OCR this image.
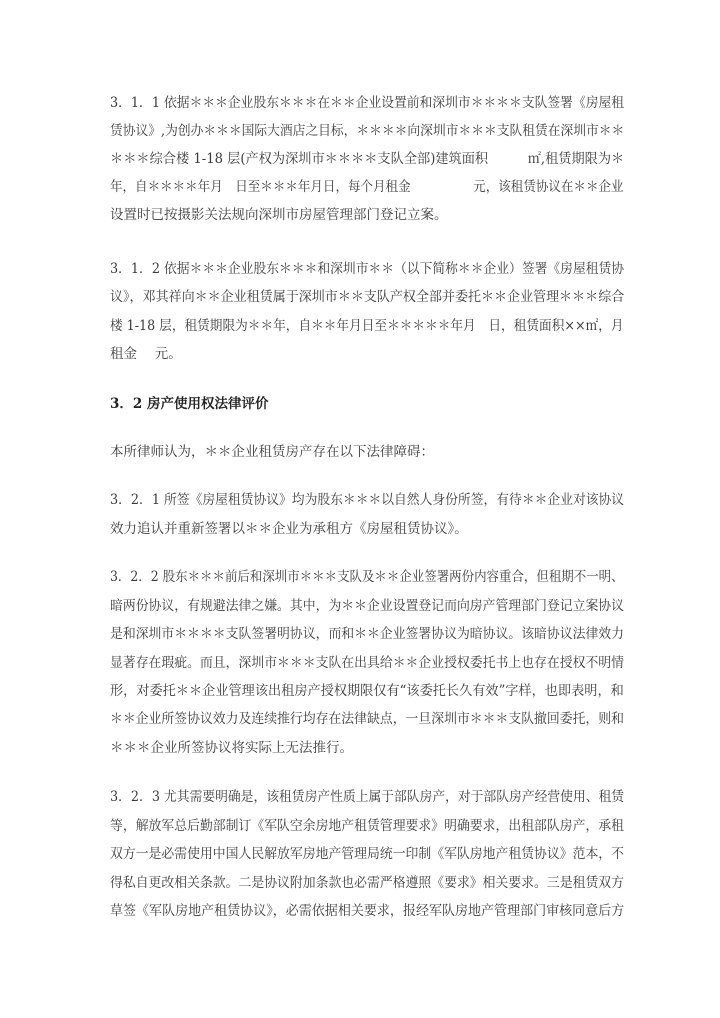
3．1．1 依据＊＊＊企业股东＊＊＊在＊＊企业设置前和深圳市＊＊＊＊支队签署《房屋租
赁协议》,为创办＊＊＊国际大酒店之目标，＊＊＊＊向深圳市＊＊＊支队租赁在深圳市＊＊
＊＊＊综合楼 1-18 层(产权为深圳市＊＊＊＊支队全部)建筑面积　　　㎡,租赁期限为＊
年，自＊＊＊＊年月　日至＊＊＊年月日，每个月租金　　　　　元，该租赁协议在＊＊企业
设置时已按摄影关法规向深圳市房屋管理部门登记立案。
3．1．2 依据＊＊＊企业股东＊＊＊和深圳市＊＊（以下简称＊＊企业）签署《房屋租赁协
议》，邓其祥向＊＊企业租赁属于深圳市＊＊支队产权全部并委托＊＊企业管理＊＊＊综合
楼 1-18 层，租赁期限为＊＊年，自＊＊年月日至＊＊＊＊＊年月　日，租赁面积××㎡，月
租金　 元。
3．2 房产使用权法律评价
本所律师认为，＊＊企业租赁房产存在以下法律障碍：
3．2．1 所签《房屋租赁协议》均为股东＊＊＊以自然人身份所签，有待＊＊企业对该协议
效力追认并重新签署以＊＊企业为承租方《房屋租赁协议》。
3．2．2 股东＊＊＊前后和深圳市＊＊＊支队及＊＊企业签署两份内容重合，但租期不一明、
暗两份协议，有规避法律之嫌。其中，为＊＊企业设置登记而向房产管理部门登记立案协议
是和深圳市＊＊＊＊支队签署明协议，而和＊＊企业签署协议为暗协议。该暗协议法律效力
显著存在瑕疵。而且，深圳市＊＊＊支队在出具给＊＊企业授权委托书上也存在授权不明情
形，对委托＊＊企业管理该出租房产授权期限仅有“该委托长久有效”字样，也即表明，和
＊＊企业所签协议效力及连续推行均存在法律缺点，一旦深圳市＊＊＊支队撤回委托，则和
＊＊＊企业所签协议将实际上无法推行。
3．2．3 尤其需要明确是，该租赁房产性质上属于部队房产，对于部队房产经营使用、租赁
等，解放军总后勤部制订《军队空余房地产租赁管理要求》明确要求，出租部队房产，承租
双方一是必需使用中国人民解放军房地产管理局统一印制《军队房地产租赁协议》范本，不
得私自更改相关条款。二是协议附加条款也必需严格遵照《要求》相关要求。三是租赁双方
草签《军队房地产租赁协议》，必需依据相关要求，报经军队房地产管理部门审核同意后方
